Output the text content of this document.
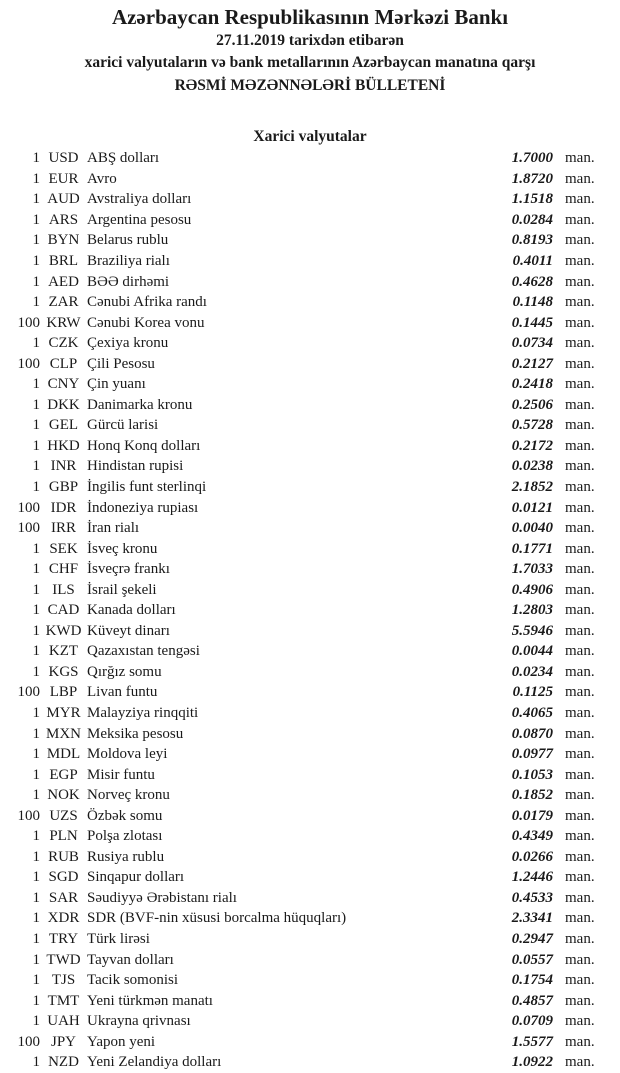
Azərbaycan Respublikasının Mərkəzi Bankı
27.11.2019 tarixdən etibarən
xarici valyutaların və bank metallarının Azərbaycan manatına qarşı
RƏSMİ MƏZƏNNƏLƏRİ BÜLLETENİ
Xarici valyutalar
1 USD ABŞ dolları	1.7000 man.
1 EUR Avro	1.8720 man.
1 AUD Avstraliya dolları	1.1518 man.
1 ARS Argentina pesosu	0.0284 man.
1 BYN Belarus rublu	0.8193 man.
1 BRL Braziliya rialı	0.4011 man.
1 AED BƏƏ dirhəmi	0.4628 man.
1 ZAR Cənubi Afrika randı	0.1148 man.
100 KRW Cənubi Korea vonu	0.1445 man.
1 CZK Çexiya kronu	0.0734 man.
100 CLP Çili Pesosu	0.2127 man.
1 CNY Çin yuanı	0.2418 man.
1 DKK Danimarka kronu	0.2506 man.
1 GEL Gürcü larisi	0.5728 man.
1 HKD Honq Konq dolları	0.2172 man.
1 INR Hindistan rupisi	0.0238 man.
1 GBP İngilis funt sterlinqi	2.1852 man.
100 IDR İndoneziya rupiası	0.0121 man.
100 IRR İran rialı	0.0040 man.
1 SEK İsveç kronu	0.1771 man.
1 CHF İsveçrə frankı	1.7033 man.
1 ILS İsrail şekeli	0.4906 man.
1 CAD Kanada dolları	1.2803 man.
1 KWD Küveyt dinarı	5.5946 man.
1 KZT Qazaxıstan tengəsi	0.0044 man.
1 KGS Qırğız somu	0.0234 man.
100 LBP Livan funtu	0.1125 man.
1 MYR Malayziya rinqqiti	0.4065 man.
1 MXN Meksika pesosu	0.0870 man.
1 MDL Moldova leyi	0.0977 man.
1 EGP Misir funtu	0.1053 man.
1 NOK Norveç kronu	0.1852 man.
100 UZS Özbək somu	0.0179 man.
1 PLN Polşa zlotası	0.4349 man.
1 RUB Rusiya rublu	0.0266 man.
1 SGD Sinqapur dolları	1.2446 man.
1 SAR Səudiyyə Ərəbistanı rialı	0.4533 man.
1 XDR SDR (BVF-nin xüsusi borcalma hüquqları)	2.3341 man.
1 TRY Türk lirəsi	0.2947 man.
1 TWD Tayvan dolları	0.0557 man.
1 TJS Tacik somonisi	0.1754 man.
1 TMT Yeni türkmən manatı	0.4857 man.
1 UAH Ukrayna qrivnası	0.0709 man.
100 JPY Yapon yeni	1.5577 man.
1 NZD Yeni Zelandiya dolları	1.0922 man.
